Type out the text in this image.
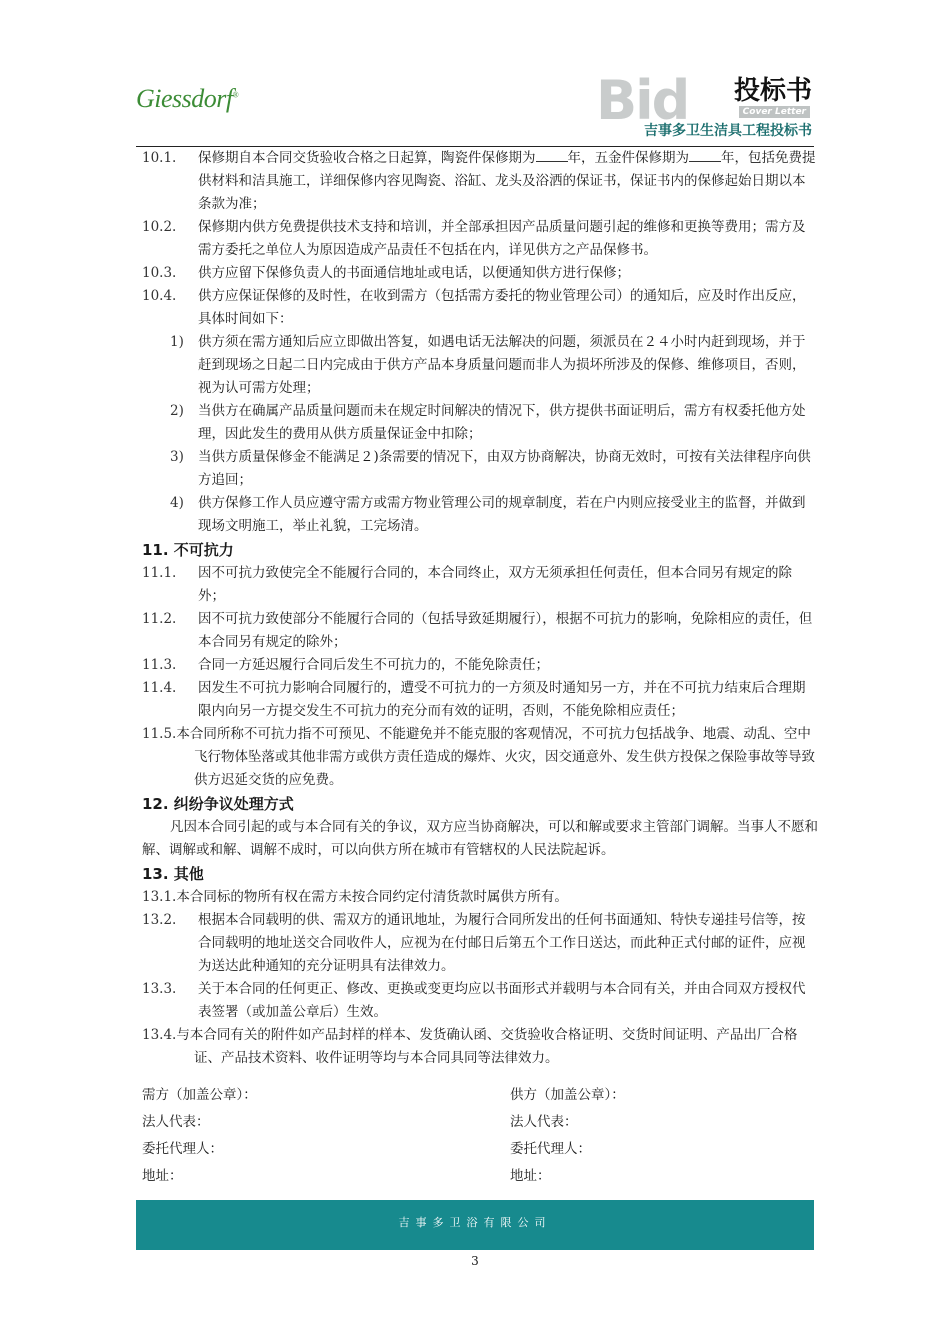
Giessdorf®	Bid 投标书
Cover Letter
吉事多卫生洁具工程投标书
10.1. 保修期自本合同交货验收合格之日起算，陶瓷件保修期为 年，五金件保修期为 年，包括免费提供材料和洁具施工，详细保修内容见陶瓷、浴缸、龙头及浴洒的保证书，保证书内的保修起始日期以本条款为准；
10.2. 保修期内供方免费提供技术支持和培训，并全部承担因产品质量问题引起的维修和更换等费用；需方及需方委托之单位人为原因造成产品责任不包括在内，详见供方之产品保修书。
10.3. 供方应留下保修负责人的书面通信地址或电话，以便通知供方进行保修；
10.4. 供方应保证保修的及时性，在收到需方（包括需方委托的物业管理公司）的通知后，应及时作出反应，具体时间如下：
1) 供方须在需方通知后应立即做出答复，如遇电话无法解决的问题，须派员在２４小时内赶到现场，并于赶到现场之日起二日内完成由于供方产品本身质量问题而非人为损坏所涉及的保修、维修项目，否则，视为认可需方处理；
2) 当供方在确属产品质量问题而未在规定时间解决的情况下，供方提供书面证明后，需方有权委托他方处理，因此发生的费用从供方质量保证金中扣除；
3) 当供方质量保修金不能满足２)条需要的情况下，由双方协商解决，协商无效时，可按有关法律程序向供方追回；
4) 供方保修工作人员应遵守需方或需方物业管理公司的规章制度，若在户内则应接受业主的监督，并做到现场文明施工，举止礼貌，工完场清。
11. 不可抗力
11.1. 因不可抗力致使完全不能履行合同的，本合同终止，双方无须承担任何责任，但本合同另有规定的除外；
11.2. 因不可抗力致使部分不能履行合同的（包括导致延期履行），根据不可抗力的影响，免除相应的责任，但本合同另有规定的除外；
11.3. 合同一方延迟履行合同后发生不可抗力的，不能免除责任；
11.4. 因发生不可抗力影响合同履行的，遭受不可抗力的一方须及时通知另一方，并在不可抗力结束后合理期限内向另一方提交发生不可抗力的充分而有效的证明，否则，不能免除相应责任；
11.5.本合同所称不可抗力指不可预见、不能避免并不能克服的客观情况，不可抗力包括战争、地震、动乱、空中飞行物体坠落或其他非需方或供方责任造成的爆炸、火灾，因交通意外、发生供方投保之保险事故等导致供方迟延交货的应免费。
12. 纠纷争议处理方式
凡因本合同引起的或与本合同有关的争议，双方应当协商解决，可以和解或要求主管部门调解。当事人不愿和解、调解或和解、调解不成时，可以向供方所在城市有管辖权的人民法院起诉。
13. 其他
13.1.本合同标的物所有权在需方未按合同约定付清货款时属供方所有。
13.2. 根据本合同载明的供、需双方的通讯地址，为履行合同所发出的任何书面通知、特快专递挂号信等，按合同载明的地址送交合同收件人，应视为在付邮日后第五个工作日送达，而此种正式付邮的证件，应视为送达此种通知的充分证明具有法律效力。
13.3. 关于本合同的任何更正、修改、更换或变更均应以书面形式并载明与本合同有关，并由合同双方授权代表签署（或加盖公章后）生效。
13.4.与本合同有关的附件如产品封样的样本、发货确认函、交货验收合格证明、交货时间证明、产品出厂合格证、产品技术资料、收件证明等均与本合同具同等法律效力。
需方（加盖公章）：
法人代表：
委托代理人：
地址：
供方（加盖公章）：
法人代表：
委托代理人：
地址：
吉事多卫浴有限公司
3
